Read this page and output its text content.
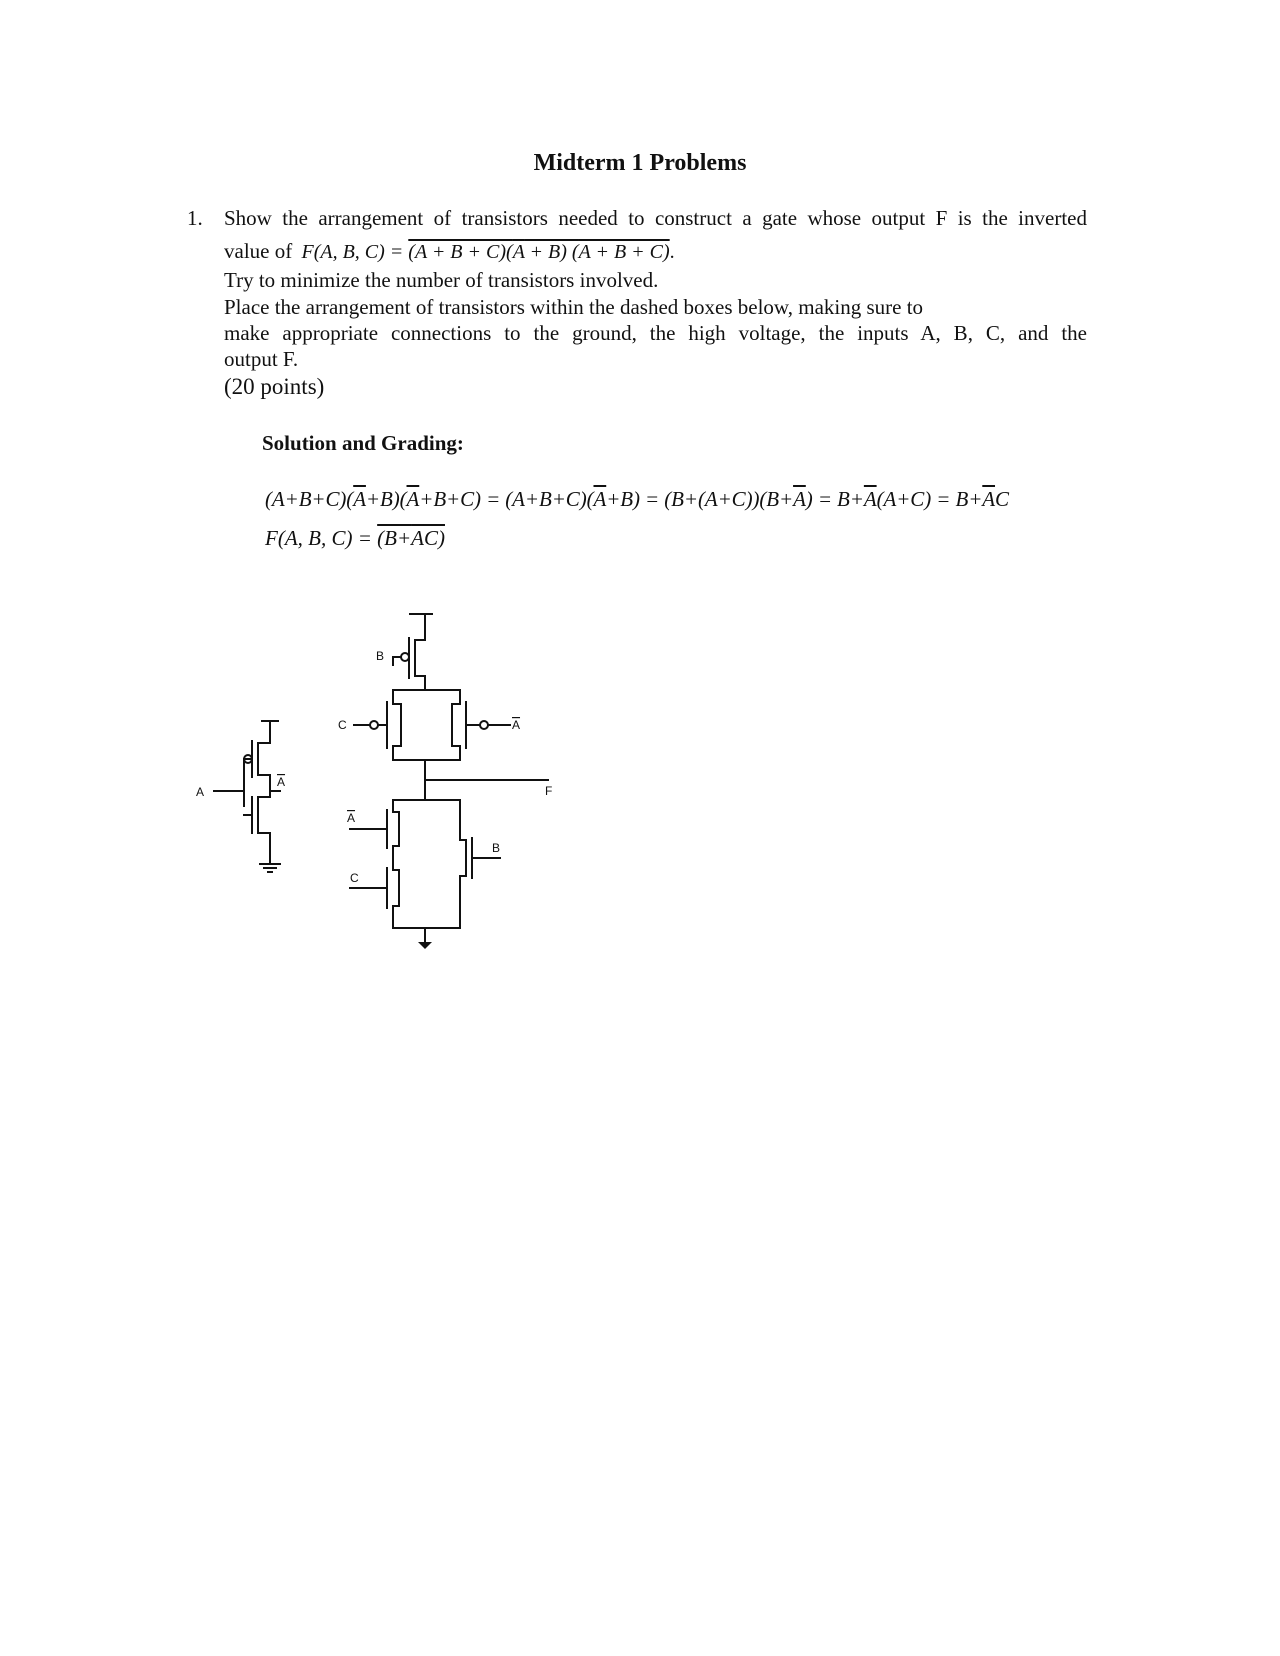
Midterm 1 Problems
1. Show the arrangement of transistors needed to construct a gate whose output F is the inverted
value of F(A, B, C) = (A + B + C)(A + B) (A + B + C).
Try to minimize the number of transistors involved.
Place the arrangement of transistors within the dashed boxes below, making sure to
make appropriate connections to the ground, the high voltage, the inputs A, B, C, and the
output F.
(20 points)
Solution and Grading:
$(A+B+C)(\overline{A}+B)(\overline{A}+B+C) = (A+B+C)(\overline{A}+B) = (B+(A+C))(B+\overline{A}) = B+\overline{A}(A+C) = B+\overline{A}C$
F(A, B, C) = (B+AC)
A
A
B
C	A
F
A
C
B
